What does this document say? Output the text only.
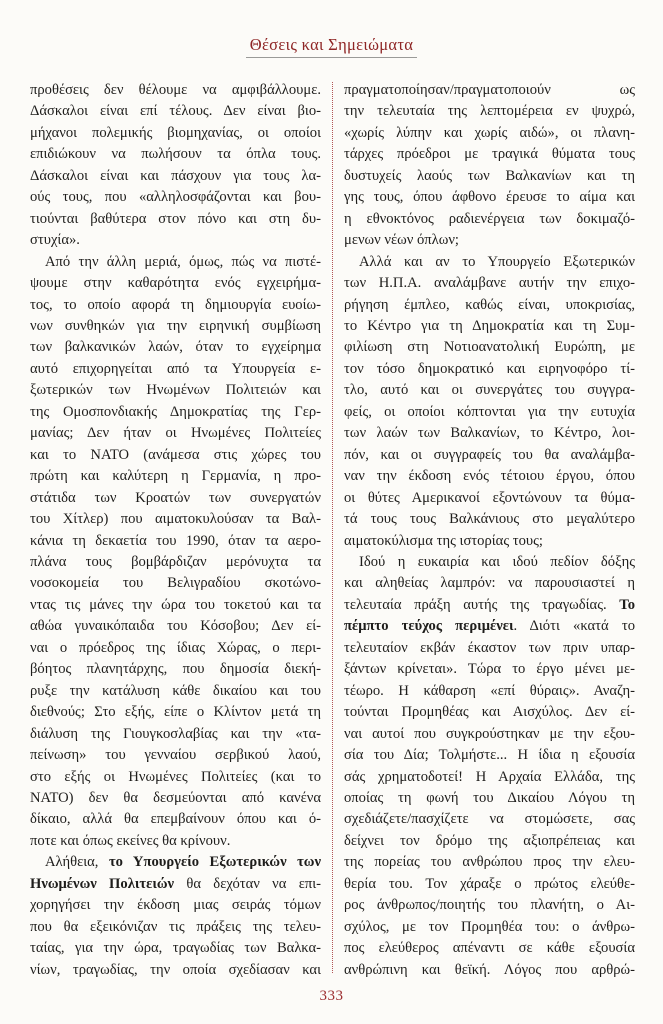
Θέσεις και Σημειώματα
προθέσεις δεν θέλουμε να αμφιβάλλουμε.
Δάσκαλοι είναι επί τέλους. Δεν είναι βιο-
μήχανοι πολεμικής βιομηχανίας, οι οποίοι
επιδιώκουν να πωλήσουν τα όπλα τους.
Δάσκαλοι είναι και πάσχουν για τους λα-
ούς τους, που «αλληλοσφάζονται και βου-
τιούνται βαθύτερα στον πόνο και στη δυ-
στυχία».
Από την άλλη μεριά, όμως, πώς να πιστέ-
ψουμε στην καθαρότητα ενός εγχειρήμα-
τος, το οποίο αφορά τη δημιουργία ευοίω-
νων συνθηκών για την ειρηνική συμβίωση
των βαλκανικών λαών, όταν το εγχείρημα
αυτό επιχορηγείται από τα Υπουργεία ε-
ξωτερικών των Ηνωμένων Πολιτειών και
της Ομοσπονδιακής Δημοκρατίας της Γερ-
μανίας; Δεν ήταν οι Ηνωμένες Πολιτείες
και το ΝΑΤΟ (ανάμεσα στις χώρες του
πρώτη και καλύτερη η Γερμανία, η προ-
στάτιδα των Κροατών των συνεργατών
του Χίτλερ) που αιματοκυλούσαν τα Βαλ-
κάνια τη δεκαετία του 1990, όταν τα αερο-
πλάνα τους βομβάρδιζαν μερόνυχτα τα
νοσοκομεία του Βελιγραδίου σκοτώνο-
ντας τις μάνες την ώρα του τοκετού και τα
αθώα γυναικόπαιδα του Κόσοβου; Δεν εί-
ναι ο πρόεδρος της ίδιας Χώρας, ο περι-
βόητος πλανητάρχης, που δημοσία διεκή-
ρυξε την κατάλυση κάθε δικαίου και του
διεθνούς; Στο εξής, είπε ο Κλίντον μετά τη
διάλυση της Γιουγκοσλαβίας και την «τα-
πείνωση» του γενναίου σερβικού λαού,
στο εξής οι Ηνωμένες Πολιτείες (και το
ΝΑΤΟ) δεν θα δεσμεύονται από κανένα
δίκαιο, αλλά θα επεμβαίνουν όπου και ό-
ποτε και όπως εκείνες θα κρίνουν.
Αλήθεια, το Υπουργείο Εξωτερικών των
Ηνωμένων Πολιτειών θα δεχόταν να επι-
χορηγήσει την έκδοση μιας σειράς τόμων
που θα εξεικόνιζαν τις πράξεις της τελευ-
ταίας, για την ώρα, τραγωδίας των Βαλκα-
νίων, τραγωδίας, την οποία σχεδίασαν και
πραγματοποίησαν/πραγματοποιούν ως
την τελευταία της λεπτομέρεια εν ψυχρώ,
«χωρίς λύπην και χωρίς αιδώ», οι πλανη-
τάρχες πρόεδροι με τραγικά θύματα τους
δυστυχείς λαούς των Βαλκανίων και τη
γης τους, όπου άφθονο έρευσε το αίμα και
η εθνοκτόνος ραδιενέργεια των δοκιμαζό-
μενων νέων όπλων;
Αλλά και αν το Υπουργείο Εξωτερικών
των Η.Π.Α. αναλάμβανε αυτήν την επιχο-
ρήγηση έμπλεο, καθώς είναι, υποκρισίας,
το Κέντρο για τη Δημοκρατία και τη Συμ-
φιλίωση στη Νοτιοανατολική Ευρώπη, με
τον τόσο δημοκρατικό και ειρηνοφόρο τί-
τλο, αυτό και οι συνεργάτες του συγγρα-
φείς, οι οποίοι κόπτονται για την ευτυχία
των λαών των Βαλκανίων, το Κέντρο, λοι-
πόν, και οι συγγραφείς του θα αναλάμβα-
ναν την έκδοση ενός τέτοιου έργου, όπου
οι θύτες Αμερικανοί εξοντώνουν τα θύμα-
τά τους τους Βαλκάνιους στο μεγαλύτερο
αιματοκύλισμα της ιστορίας τους;
Ιδού η ευκαιρία και ιδού πεδίον δόξης
και αληθείας λαμπρόν: να παρουσιαστεί η
τελευταία πράξη αυτής της τραγωδίας. Το
πέμπτο τεύχος περιμένει. Διότι «κατά το
τελευταίον εκβάν έκαστον των πριν υπαρ-
ξάντων κρίνεται». Τώρα το έργο μένει με-
τέωρο. Η κάθαρση «επί θύραις». Αναζη-
τούνται Προμηθέας και Αισχύλος. Δεν εί-
ναι αυτοί που συγκρούστηκαν με την εξου-
σία του Δία; Τολμήστε... Η ίδια η εξουσία
σάς χρηματοδοτεί! Η Αρχαία Ελλάδα, της
οποίας τη φωνή του Δικαίου Λόγου τη
σχεδιάζετε/πασχίζετε να στομώσετε, σας
δείχνει τον δρόμο της αξιοπρέπειας και
της πορείας του ανθρώπου προς την ελευ-
θερία του. Τον χάραξε ο πρώτος ελεύθε-
ρος άνθρωπος/ποιητής του πλανήτη, ο Αι-
σχύλος, με τον Προμηθέα του: ο άνθρω-
πος ελεύθερος απέναντι σε κάθε εξουσία
ανθρώπινη και θεϊκή. Λόγος που αρθρώ-
333
